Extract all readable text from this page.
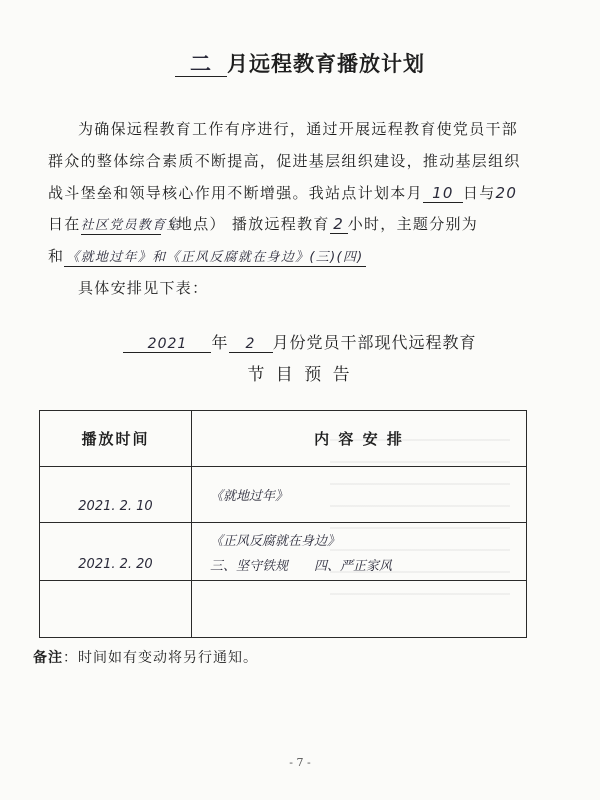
二 月远程教育播放计划
为确保远程教育工作有序进行，通过开展远程教育使党员干部
群众的整体综合素质不断提高，促进基层组织建设，推动基层组织
战斗堡垒和领导核心作用不断增强。我站点计划本月 10 日与20
日在社区党员教育室（地点） 播放远程教育 2 小时，主题分别为
和 《就地过年》和《正风反腐就在身边》(三)(四)
具体安排见下表：
2021 年 2 月份党员干部现代远程教育
节 目 预 告
播放时间	内 容 安 排
2021. 2. 10	《就地过年》

2021. 2. 20	《正风反腐就在身边》
三、坚守铁规　　四、严正家风

备注：时间如有变动将另行通知。
- 7 -
